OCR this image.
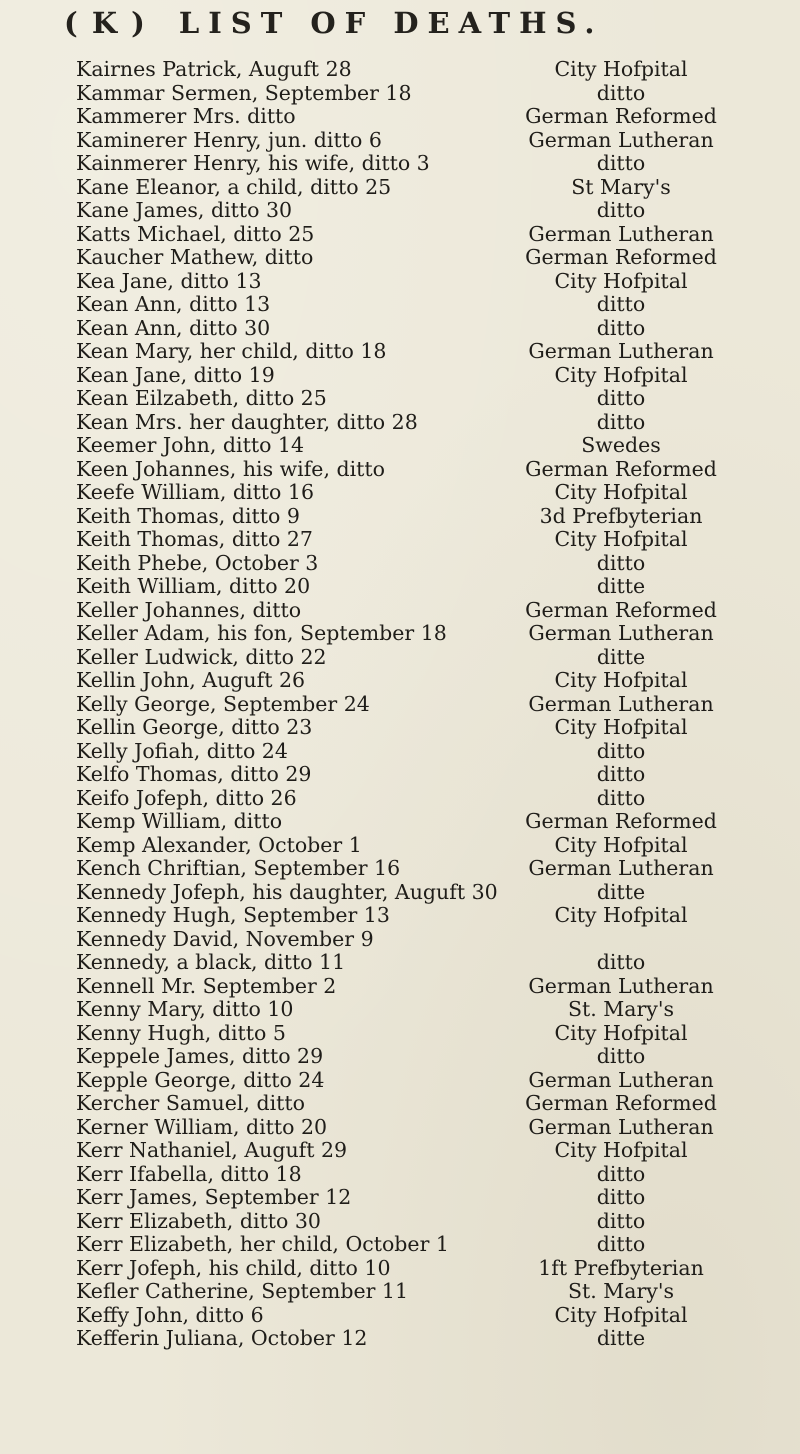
( K ) LIST OF DEATHS.
Kairnes Patrick, Auguft 28	City Hofpital
Kammar Sermen, September 18	ditto
Kammerer Mrs. ditto	German Reformed
Kaminerer Henry, jun. ditto 6	German Lutheran
Kainmerer Henry, his wife, ditto 3	ditto
Kane Eleanor, a child, ditto 25	St Mary's
Kane James, ditto 30	ditto
Katts Michael, ditto 25	German Lutheran
Kaucher Mathew, ditto	German Reformed
Kea Jane, ditto 13	City Hofpital
Kean Ann, ditto 13	ditto
Kean Ann, ditto 30	ditto
Kean Mary, her child, ditto 18	German Lutheran
Kean Jane, ditto 19	City Hofpital
Kean Eilzabeth, ditto 25	ditto
Kean Mrs. her daughter, ditto 28	ditto
Keemer John, ditto 14	Swedes
Keen Johannes, his wife, ditto	German Reformed
Keefe William, ditto 16	City Hofpital
Keith Thomas, ditto 9	3d Prefbyterian
Keith Thomas, ditto 27	City Hofpital
Keith Phebe, October 3	ditto
Keith William, ditto 20	ditte
Keller Johannes, ditto	German Reformed
Keller Adam, his fon, September 18	German Lutheran
Keller Ludwick, ditto 22	ditte
Kellin John, Auguft 26	City Hofpital
Kelly George, September 24	German Lutheran
Kellin George, ditto 23	City Hofpital
Kelly Jofiah, ditto 24	ditto
Kelfo Thomas, ditto 29	ditto
Keifo Jofeph, ditto 26	ditto
Kemp William, ditto	German Reformed
Kemp Alexander, October 1	City Hofpital
Kench Chriftian, September 16	German Lutheran
Kennedy Jofeph, his daughter, Auguft 30	ditte
Kennedy Hugh, September 13	City Hofpital
Kennedy David, November 9
Kennedy, a black, ditto 11	ditto
Kennell Mr. September 2	German Lutheran
Kenny Mary, ditto 10	St. Mary's
Kenny Hugh, ditto 5	City Hofpital
Keppele James, ditto 29	ditto
Kepple George, ditto 24	German Lutheran
Kercher Samuel, ditto	German Reformed
Kerner William, ditto 20	German Lutheran
Kerr Nathaniel, Auguft 29	City Hofpital
Kerr Ifabella, ditto 18	ditto
Kerr James, September 12	ditto
Kerr Elizabeth, ditto 30	ditto
Kerr Elizabeth, her child, October 1	ditto
Kerr Jofeph, his child, ditto 10	1ft Prefbyterian
Kefler Catherine, September 11	St. Mary's
Keffy John, ditto 6	City Hofpital
Kefferin Juliana, October 12	ditte
